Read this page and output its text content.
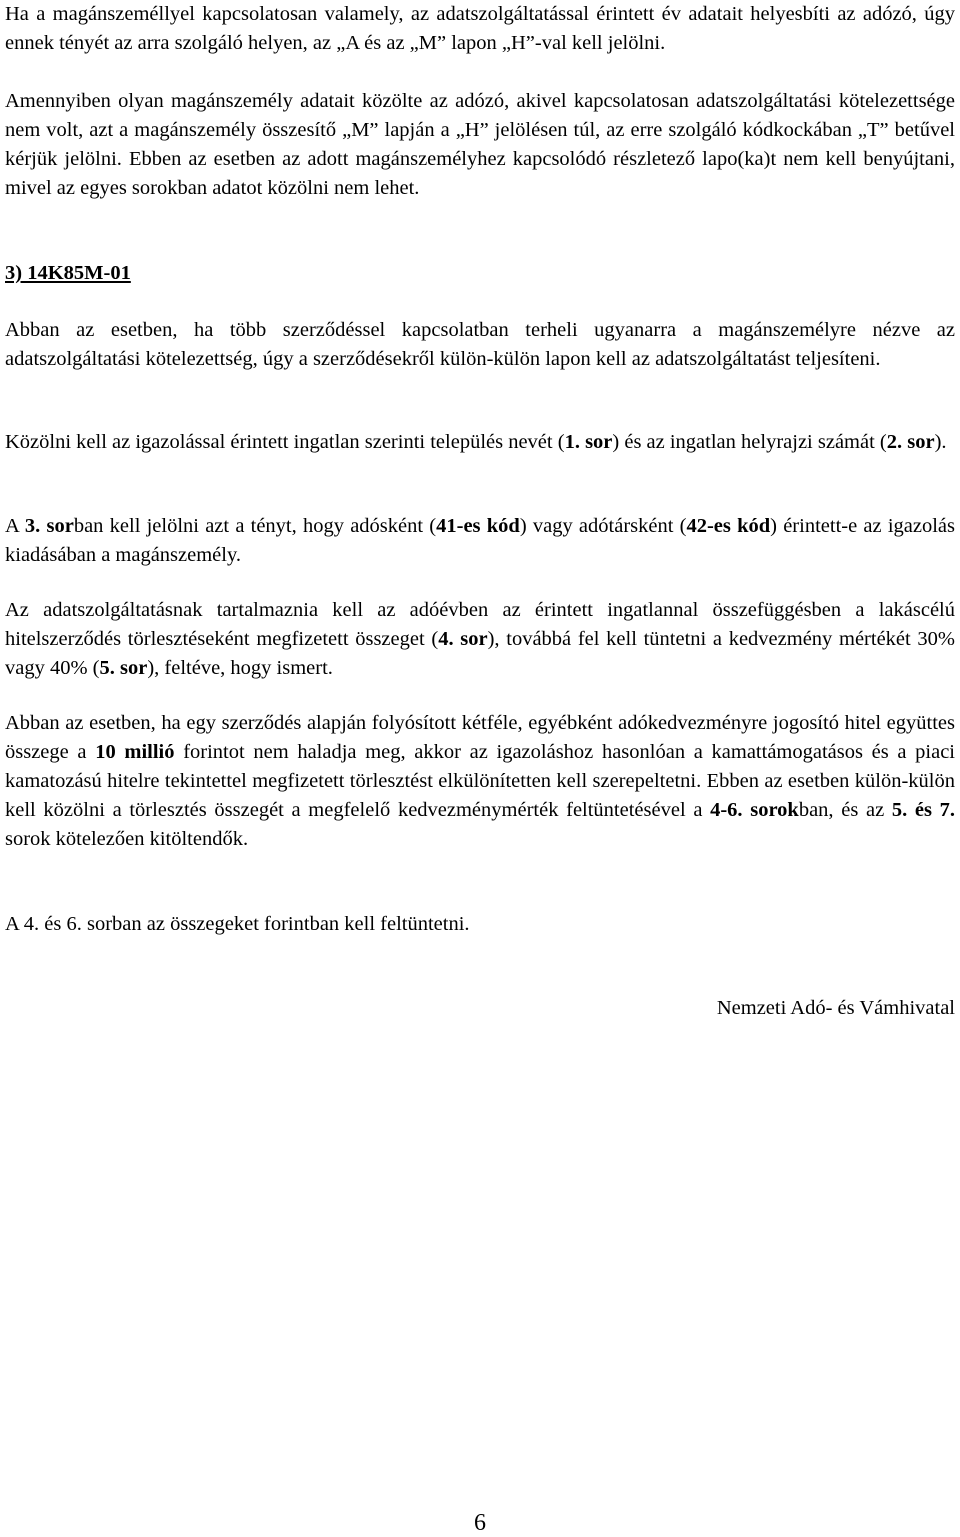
Ha a magánszeméllyel kapcsolatosan valamely, az adatszolgáltatással érintett év adatait helyesbíti az adózó, úgy ennek tényét az arra szolgáló helyen, az „A és az „M” lapon „H”-val kell jelölni.

Amennyiben olyan magánszemély adatait közölte az adózó, akivel kapcsolatosan adatszolgáltatási kötelezettsége nem volt, azt a magánszemély összesítő „M” lapján a „H” jelölésen túl, az erre szolgáló kódkockában „T” betűvel kérjük jelölni. Ebben az esetben az adott magánszemélyhez kapcsolódó részletező lapo(ka)t nem kell benyújtani, mivel az egyes sorokban adatot közölni nem lehet.

3) 14K85M-01

Abban az esetben, ha több szerződéssel kapcsolatban terheli ugyanarra a magánszemélyre nézve az adatszolgáltatási kötelezettség, úgy a szerződésekről külön-külön lapon kell az adatszolgáltatást teljesíteni.

Közölni kell az igazolással érintett ingatlan szerinti település nevét (1. sor) és az ingatlan helyrajzi számát (2. sor).

A 3. sorban kell jelölni azt a tényt, hogy adósként (41-es kód) vagy adótársként (42-es kód) érintett-e az igazolás kiadásában a magánszemély.

Az adatszolgáltatásnak tartalmaznia kell az adóévben az érintett ingatlannal összefüggésben a lakáscélú hitelszerződés törlesztéseként megfizetett összeget (4. sor), továbbá fel kell tüntetni a kedvezmény mértékét 30% vagy 40% (5. sor), feltéve, hogy ismert.

Abban az esetben, ha egy szerződés alapján folyósított kétféle, egyébként adókedvezményre jogosító hitel együttes összege a 10 millió forintot nem haladja meg, akkor az igazoláshoz hasonlóan a kamattámogatásos és a piaci kamatozású hitelre tekintettel megfizetett törlesztést elkülönítetten kell szerepeltetni. Ebben az esetben külön-külön kell közölni a törlesztés összegét a megfelelő kedvezménymérték feltüntetésével a 4-6. sorokban, és az 5. és 7. sorok kötelezően kitöltendők.

A 4. és 6. sorban az összegeket forintban kell feltüntetni.

Nemzeti Adó- és Vámhivatal

6
